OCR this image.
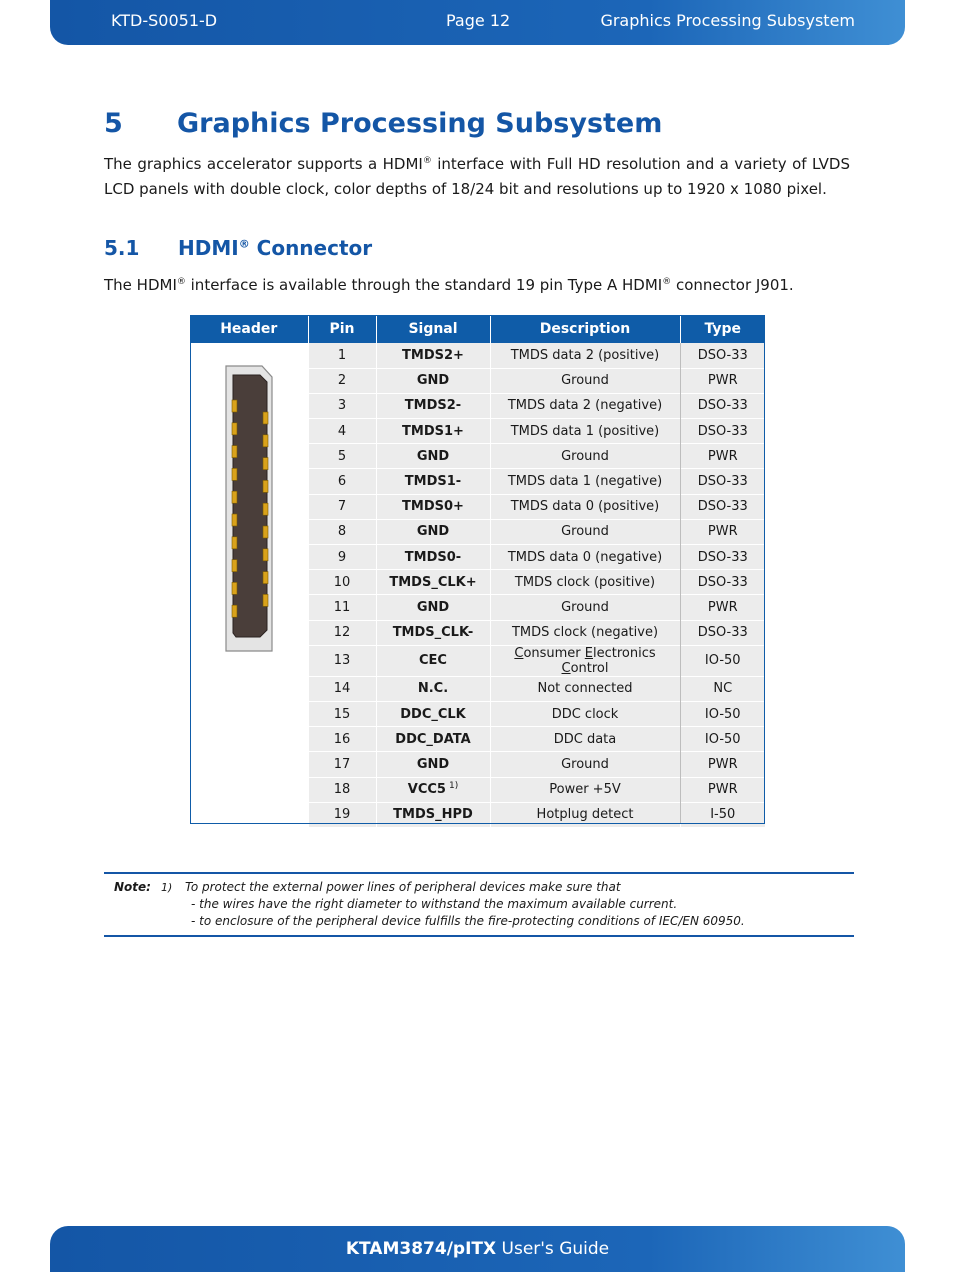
KTD-S0051-D	Page 12	Graphics Processing Subsystem
5 Graphics Processing Subsystem

The graphics accelerator supports a HDMI® interface with Full HD resolution and a variety of LVDS LCD panels with double clock, color depths of 18/24 bit and resolutions up to 1920 x 1080 pixel.

5.1 HDMI® Connector

The HDMI® interface is available through the standard 19 pin Type A HDMI® connector J901.

Header	Pin	Signal	Description	Type
	1	TMDS2+	TMDS data 2 (positive)	DSO-33
	2	GND	Ground	PWR
	3	TMDS2-	TMDS data 2 (negative)	DSO-33
	4	TMDS1+	TMDS data 1 (positive)	DSO-33
	5	GND	Ground	PWR
	6	TMDS1-	TMDS data 1 (negative)	DSO-33
	7	TMDS0+	TMDS data 0 (positive)	DSO-33
	8	GND	Ground	PWR
	9	TMDS0-	TMDS data 0 (negative)	DSO-33
	10	TMDS_CLK+	TMDS clock (positive)	DSO-33
	11	GND	Ground	PWR
	12	TMDS_CLK-	TMDS clock (negative)	DSO-33
	13	CEC	Consumer Electronics Control	IO-50
	14	N.C.	Not connected	NC
	15	DDC_CLK	DDC clock	IO-50
	16	DDC_DATA	DDC data	IO-50
	17	GND	Ground	PWR
	18	VCC5 $^{1)}$	Power +5V	PWR
	19	TMDS_HPD	Hotplug detect	I-50
Note: 1) To protect the external power lines of peripheral devices make sure that
- the wires have the right diameter to withstand the maximum available current.
- to enclosure of the peripheral device fulfills the fire-protecting conditions of IEC/EN 60950.
KTAM3874/pITX User's Guide
